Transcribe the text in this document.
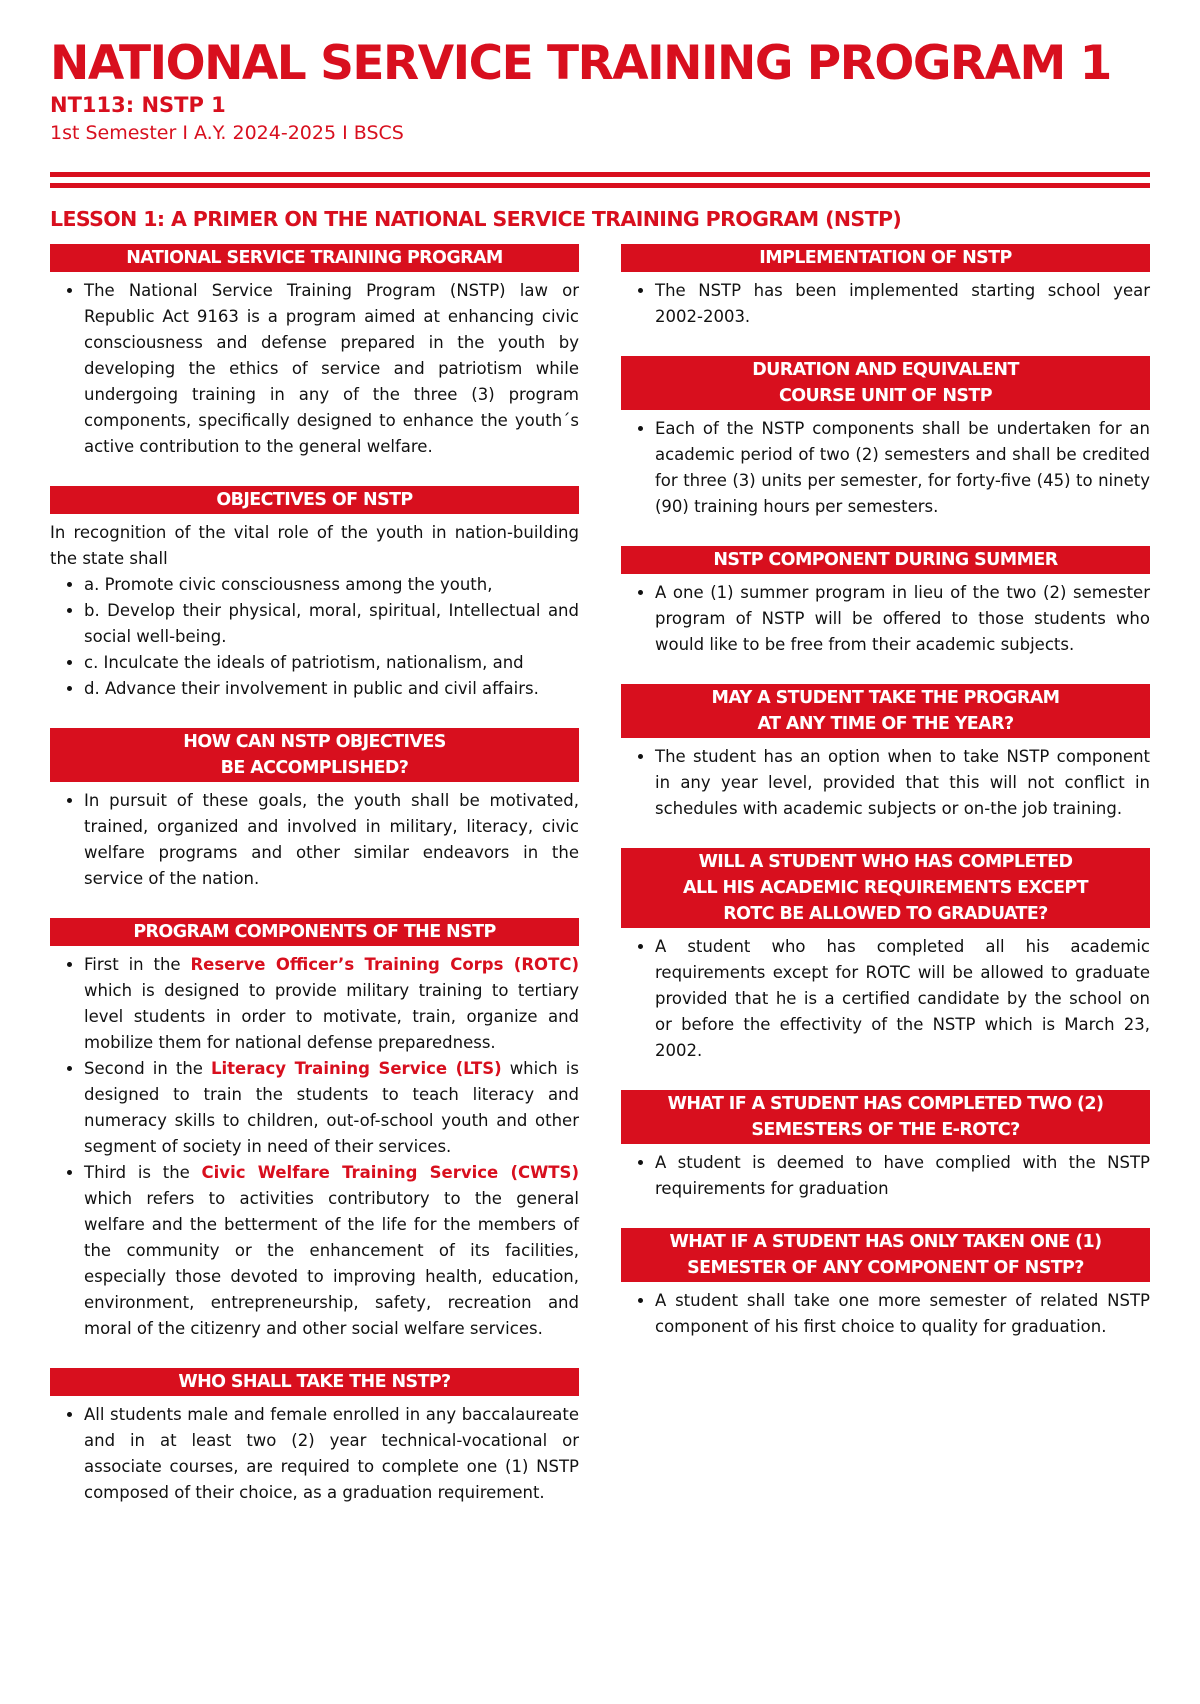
NATIONAL SERVICE TRAINING PROGRAM 1
NT113: NSTP 1
1st Semester I A.Y. 2024-2025 I BSCS
LESSON 1: A PRIMER ON THE NATIONAL SERVICE TRAINING PROGRAM (NSTP)
NATIONAL SERVICE TRAINING PROGRAM
• The National Service Training Program (NSTP) law or Republic Act 9163 is a program aimed at enhancing civic consciousness and defense prepared in the youth by developing the ethics of service and patriotism while undergoing training in any of the three (3) program components, specifically designed to enhance the youth´s active contribution to the general welfare.
OBJECTIVES OF NSTP

In recognition of the vital role of the youth in nation-building the state shall

• a. Promote civic consciousness among the youth,
• b. Develop their physical, moral, spiritual, Intellectual and social well-being.
• c. Inculcate the ideals of patriotism, nationalism, and
• d. Advance their involvement in public and civil affairs.
HOW CAN NSTP OBJECTIVES
BE ACCOMPLISHED?
• In pursuit of these goals, the youth shall be motivated, trained, organized and involved in military, literacy, civic welfare programs and other similar endeavors in the service of the nation.
PROGRAM COMPONENTS OF THE NSTP
• First in the Reserve Officer’s Training Corps (ROTC) which is designed to provide military training to tertiary level students in order to motivate, train, organize and mobilize them for national defense preparedness.
• Second in the Literacy Training Service (LTS) which is designed to train the students to teach literacy and numeracy skills to children, out-of-school youth and other segment of society in need of their services.
• Third is the Civic Welfare Training Service (CWTS) which refers to activities contributory to the general welfare and the betterment of the life for the members of the community or the enhancement of its facilities, especially those devoted to improving health, education, environment, entrepreneurship, safety, recreation and moral of the citizenry and other social welfare services.
WHO SHALL TAKE THE NSTP?
• All students male and female enrolled in any baccalaureate and in at least two (2) year technical-vocational or associate courses, are required to complete one (1) NSTP composed of their choice, as a graduation requirement.
IMPLEMENTATION OF NSTP
• The NSTP has been implemented starting school year 2002-2003.
DURATION AND EQUIVALENT
COURSE UNIT OF NSTP
• Each of the NSTP components shall be undertaken for an academic period of two (2) semesters and shall be credited for three (3) units per semester, for forty-five (45) to ninety (90) training hours per semesters.
NSTP COMPONENT DURING SUMMER
• A one (1) summer program in lieu of the two (2) semester program of NSTP will be offered to those students who would like to be free from their academic subjects.
MAY A STUDENT TAKE THE PROGRAM
AT ANY TIME OF THE YEAR?
• The student has an option when to take NSTP component in any year level, provided that this will not conflict in schedules with academic subjects or on-the job training.
WILL A STUDENT WHO HAS COMPLETED
ALL HIS ACADEMIC REQUIREMENTS EXCEPT
ROTC BE ALLOWED TO GRADUATE?
• A student who has completed all his academic requirements except for ROTC will be allowed to graduate provided that he is a certified candidate by the school on or before the effectivity of the NSTP which is March 23, 2002.
WHAT IF A STUDENT HAS COMPLETED TWO (2)
SEMESTERS OF THE E-ROTC?
• A student is deemed to have complied with the NSTP requirements for graduation
WHAT IF A STUDENT HAS ONLY TAKEN ONE (1)
SEMESTER OF ANY COMPONENT OF NSTP?
• A student shall take one more semester of related NSTP component of his first choice to quality for graduation.
